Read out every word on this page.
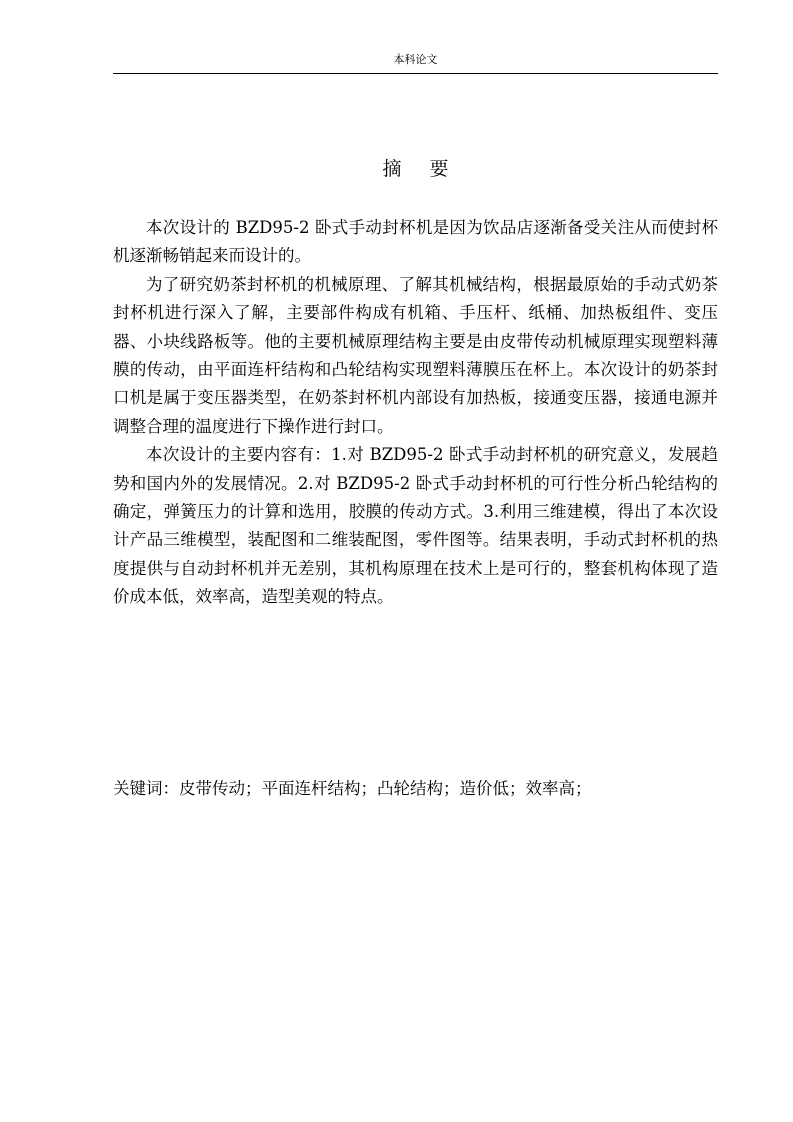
本科论文
摘要

本次设计的 BZD95-2 卧式手动封杯机是因为饮品店逐渐备受关注从而使封杯机逐渐畅销起来而设计的。

为了研究奶茶封杯机的机械原理、了解其机械结构，根据最原始的手动式奶茶封杯机进行深入了解，主要部件构成有机箱、手压杆、纸桶、加热板组件、变压器、小块线路板等。他的主要机械原理结构主要是由皮带传动机械原理实现塑料薄膜的传动，由平面连杆结构和凸轮结构实现塑料薄膜压在杯上。本次设计的奶茶封口机是属于变压器类型，在奶茶封杯机内部设有加热板，接通变压器，接通电源并调整合理的温度进行下操作进行封口。

本次设计的主要内容有：1.对 BZD95-2 卧式手动封杯机的研究意义，发展趋势和国内外的发展情况。2.对 BZD95-2 卧式手动封杯机的可行性分析凸轮结构的确定，弹簧压力的计算和选用，胶膜的传动方式。3.利用三维建模，得出了本次设计产品三维模型，装配图和二维装配图，零件图等。结果表明，手动式封杯机的热度提供与自动封杯机并无差别，其机构原理在技术上是可行的，整套机构体现了造价成本低，效率高，造型美观的特点。

关键词：皮带传动；平面连杆结构；凸轮结构；造价低；效率高；
